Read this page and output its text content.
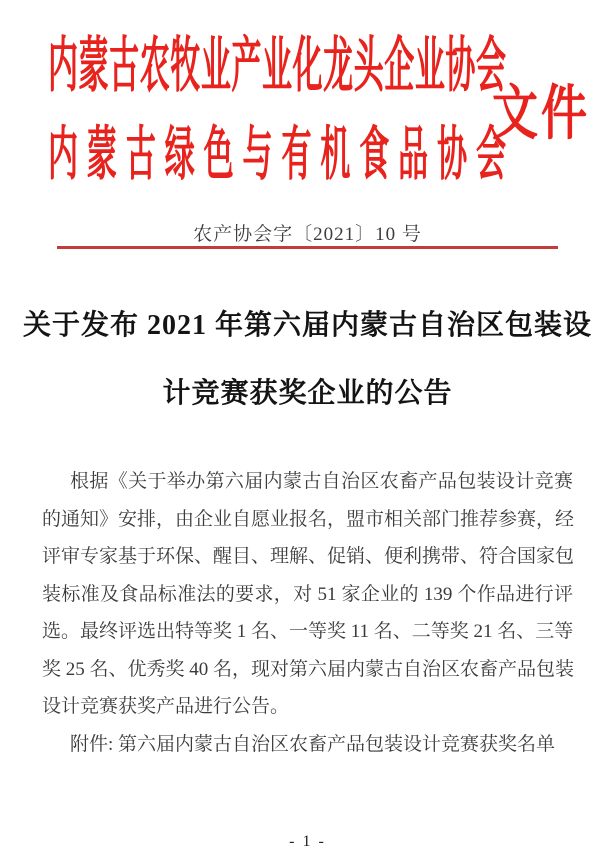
内蒙古农牧业产业化龙头企业协会
内蒙古绿色与有机食品协会
文件
农产协会字〔2021〕10 号
关于发布 2021 年第六届内蒙古自治区包装设
计竞赛获奖企业的公告
根据《关于举办第六届内蒙古自治区农畜产品包装设计竞赛
的通知》安排，由企业自愿业报名，盟市相关部门推荐参赛，经
评审专家基于环保、醒目、理解、促销、便利携带、符合国家包
装标准及食品标准法的要求，对 51 家企业的 139 个作品进行评
选。最终评选出特等奖 1 名、一等奖 11 名、二等奖 21 名、三等
奖 25 名、优秀奖 40 名，现对第六届内蒙古自治区农畜产品包装
设计竞赛获奖产品进行公告。
附件: 第六届内蒙古自治区农畜产品包装设计竞赛获奖名单
- 1 -
